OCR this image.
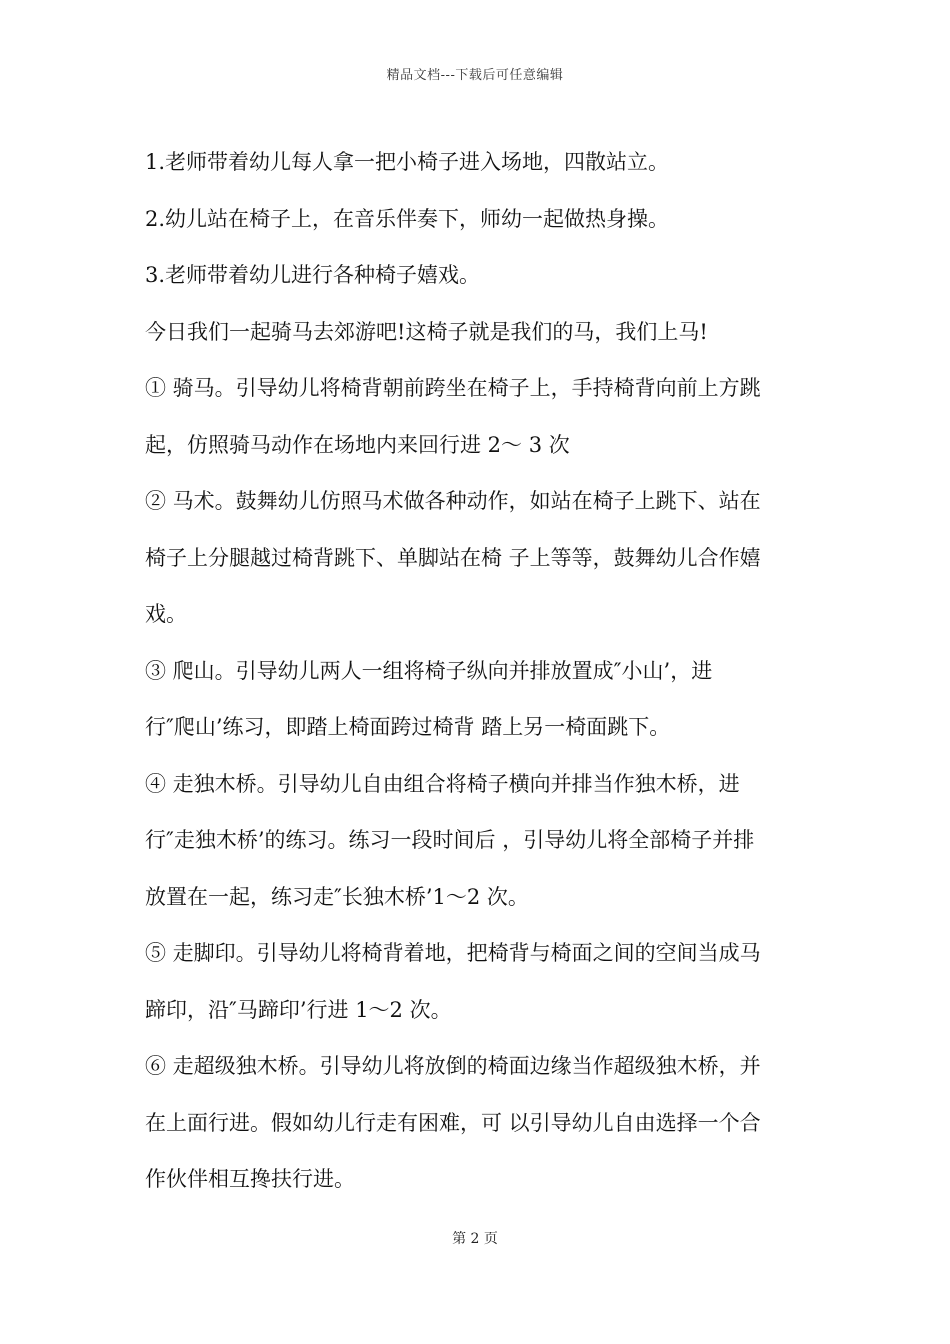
精品文档---下载后可任意编辑
1.老师带着幼儿每人拿一把小椅子进入场地，四散站立。
2.幼儿站在椅子上，在音乐伴奏下，师幼一起做热身操。
3.老师带着幼儿进行各种椅子嬉戏。
今日我们一起骑马去郊游吧!这椅子就是我们的马，我们上马!
① 骑马。引导幼儿将椅背朝前跨坐在椅子上，手持椅背向前上方跳
起，仿照骑马动作在场地内来回行进 2～ 3 次
② 马术。鼓舞幼儿仿照马术做各种动作，如站在椅子上跳下、站在
椅子上分腿越过椅背跳下、单脚站在椅 子上等等，鼓舞幼儿合作嬉
戏。
③ 爬山。引导幼儿两人一组将椅子纵向并排放置成″小山’，进
行″爬山’练习，即踏上椅面跨过椅背 踏上另一椅面跳下。
④ 走独木桥。引导幼儿自由组合将椅子横向并排当作独木桥，进
行″走独木桥’的练习。练习一段时间后 ，引导幼儿将全部椅子并排
放置在一起，练习走″长独木桥’1～2 次。
⑤ 走脚印。引导幼儿将椅背着地，把椅背与椅面之间的空间当成马
蹄印，沿″马蹄印’行进 1～2 次。
⑥ 走超级独木桥。引导幼儿将放倒的椅面边缘当作超级独木桥，并
在上面行进。假如幼儿行走有困难，可 以引导幼儿自由选择一个合
作伙伴相互搀扶行进。
第 2 页
